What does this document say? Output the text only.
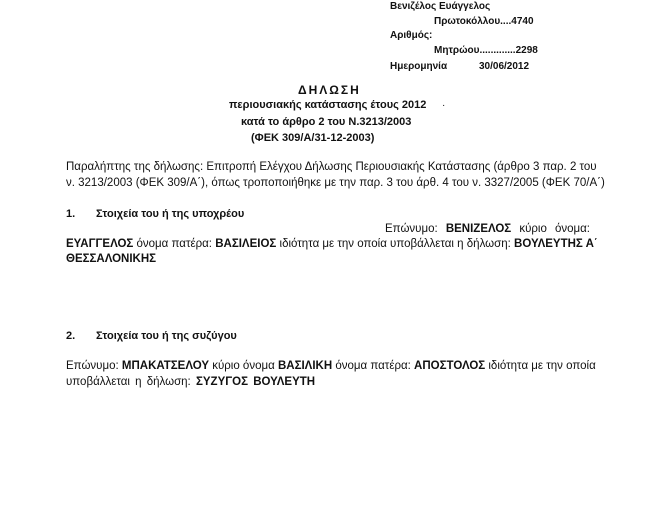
Βενιζέλος Ευάγγελος
Πρωτοκόλλου....4740
Αριθμός:
Μητρώου.............2298
Ημερομηνία	30/06/2012
ΔΗΛΩΣΗ
περιουσιακής κατάστασης έτους 2012 ·
κατά το άρθρο 2 του Ν.3213/2003
(ΦΕΚ 309/Α/31-12-2003)
Παραλήπτης της δήλωσης: Επιτροπή Ελέγχου Δήλωσης Περιουσιακής Κατάστασης (άρθρο 3 παρ. 2 του
ν. 3213/2003 (ΦΕΚ 309/Α΄), όπως τροποποιήθηκε με την παρ. 3 του άρθ. 4 του ν. 3327/2005 (ΦΕΚ 70/Α΄)
1. Στοιχεία του ή της υποχρέου
Επώνυμο: ΒΕΝΙΖΕΛΟΣ κύριο όνομα:
ΕΥΑΓΓΕΛΟΣ όνομα πατέρα: ΒΑΣΙΛΕΙΟΣ ιδιότητα με την οποία υποβάλλεται η δήλωση: ΒΟΥΛΕΥΤΗΣ Α΄
ΘΕΣΣΑΛΟΝΙΚΗΣ
2. Στοιχεία του ή της συζύγου
Επώνυμο: ΜΠΑΚΑΤΣΕΛΟΥ κύριο όνομα ΒΑΣΙΛΙΚΗ όνομα πατέρα: ΑΠΟΣΤΟΛΟΣ ιδιότητα με την οποία
υποβάλλεται η δήλωση: ΣΥΖΥΓΟΣ ΒΟΥΛΕΥΤΗ
